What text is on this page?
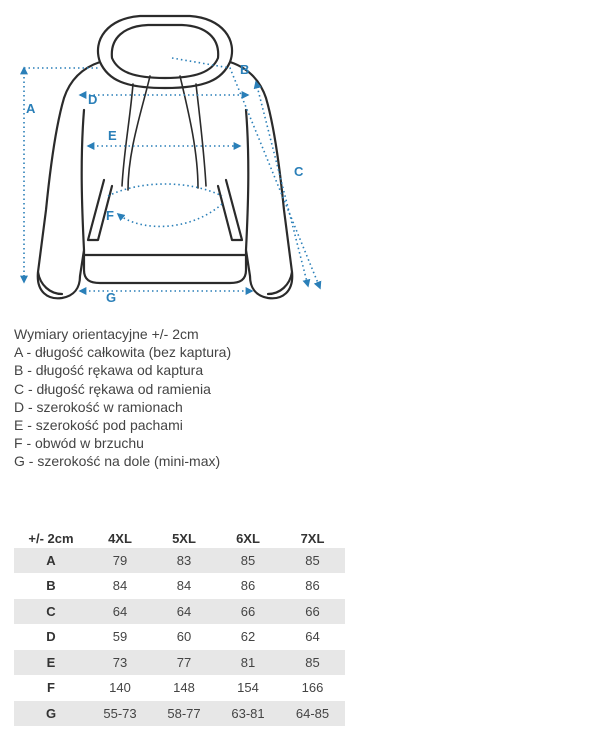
A
B
C
D
E
F
G
Wymiary orientacyjne +/- 2cm
A - długość całkowita (bez kaptura)
B - długość rękawa od kaptura
C - długość rękawa od ramienia
D - szerokość w ramionach
E - szerokość pod pachami
F - obwód w brzuchu
G - szerokość na dole (mini-max)
+/- 2cm	4XL	5XL	6XL	7XL
A	79	83	85	85
B	84	84	86	86
C	64	64	66	66
D	59	60	62	64
E	73	77	81	85
F	140	148	154	166
G	55-73	58-77	63-81	64-85
